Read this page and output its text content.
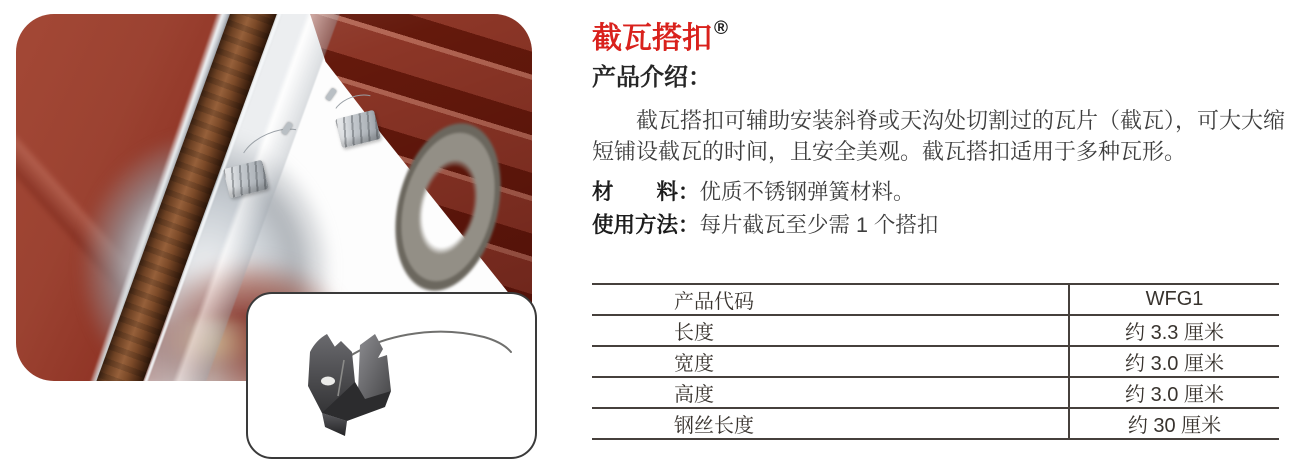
截瓦搭扣 ®
产品介绍：
截瓦搭扣可辅助安装斜脊或天沟处切割过的瓦片（截瓦），可大大缩
短铺设截瓦的时间，且安全美观。截瓦搭扣适用于多种瓦形。
材　　料：优质不锈钢弹簧材料。
使用方法：每片截瓦至少需 1 个搭扣
产品代码	WFG1
长度	约 3.3 厘米
宽度	约 3.0 厘米
高度	约 3.0 厘米
钢丝长度	约 30 厘米
